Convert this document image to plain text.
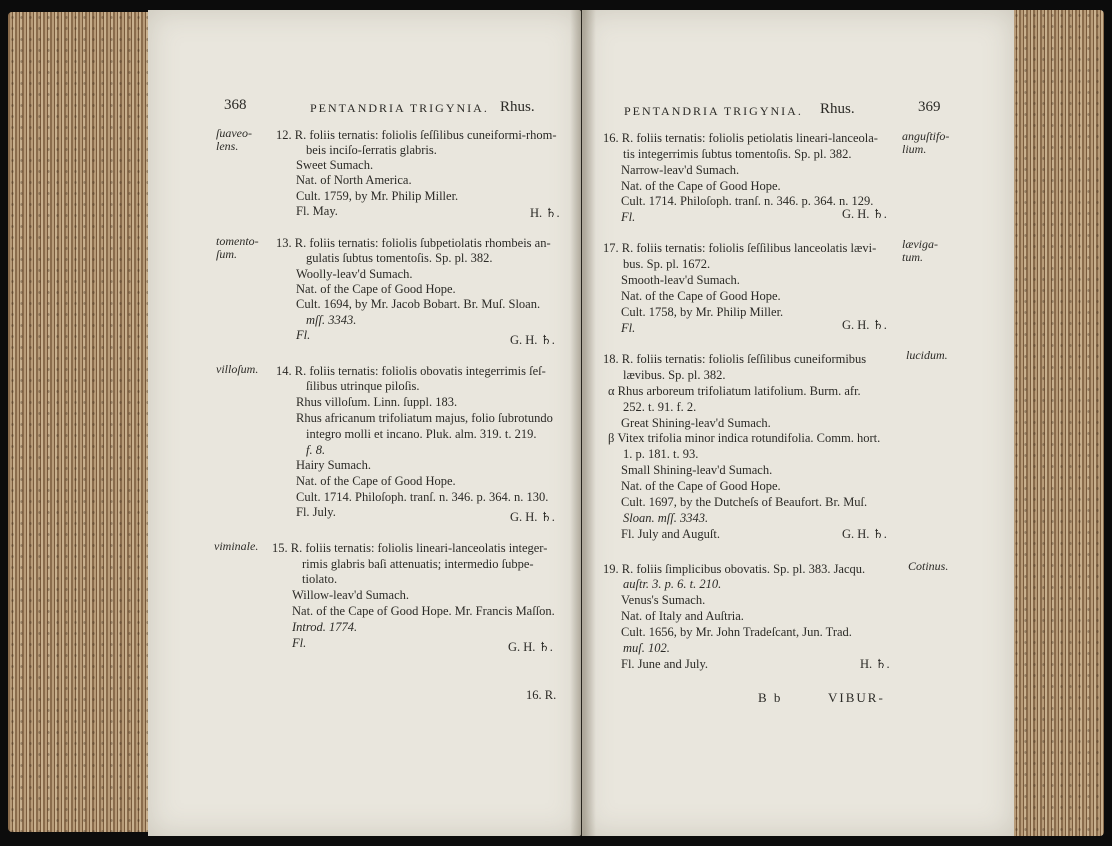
368	PENTANDRIA TRIGYNIA. Rhus.
ſuaveo-
lens.
12. R. foliis ternatis: foliolis ſeſſilibus cuneiformi-rhom-
beis inciſo-ſerratis glabris.
Sweet Sumach.
Nat. of North America.
Cult. 1759, by Mr. Philip Miller.
Fl. May.	H. ♄.
tomento-
ſum.
13. R. foliis ternatis: foliolis ſubpetiolatis rhombeis an-
gulatis ſubtus tomentoſis. Sp. pl. 382.
Woolly-leav'd Sumach.
Nat. of the Cape of Good Hope.
Cult. 1694, by Mr. Jacob Bobart. Br. Muſ. Sloan.
mſſ. 3343.
Fl.	G. H. ♄.
villoſum.	14. R. foliis ternatis: foliolis obovatis integerrimis ſeſ-
ſilibus utrinque piloſis.
Rhus villoſum. Linn. ſuppl. 183.
Rhus africanum trifoliatum majus, folio ſubrotundo
integro molli et incano. Pluk. alm. 319. t. 219.
f. 8.
Hairy Sumach.
Nat. of the Cape of Good Hope.
Cult. 1714. Philoſoph. tranſ. n. 346. p. 364. n. 130.
Fl. July.	G. H. ♄.
viminale.	15. R. foliis ternatis: foliolis lineari-lanceolatis integer-
rimis glabris baſi attenuatis; intermedio ſubpe-
tiolato.
Willow-leav'd Sumach.
Nat. of the Cape of Good Hope. Mr. Francis Maſſon.
Introd. 1774.
Fl.	G. H. ♄.
16. R.
PENTANDRIA TRIGYNIA. Rhus.	369
16. R. foliis ternatis: foliolis petiolatis lineari-lanceola-
tis integerrimis ſubtus tomentoſis. Sp. pl. 382.
Narrow-leav'd Sumach.
Nat. of the Cape of Good Hope.
Cult. 1714. Philoſoph. tranſ. n. 346. p. 364. n. 129.
Fl.	G. H. ♄.
anguſtifo-
lium.
17. R. foliis ternatis: foliolis ſeſſilibus lanceolatis lævi-
bus. Sp. pl. 1672.
Smooth-leav'd Sumach.
Nat. of the Cape of Good Hope.
Cult. 1758, by Mr. Philip Miller.
Fl.	G. H. ♄.
lævigа-
tum.
18. R. foliis ternatis: foliolis ſeſſilibus cuneiformibus
lævibus. Sp. pl. 382.
α Rhus arboreum trifoliatum latifolium. Burm. afr.
252. t. 91. f. 2.
Great Shining-leav'd Sumach.
β Vitex trifolia minor indica rotundifolia. Comm. hort.
1. p. 181. t. 93.
Small Shining-leav'd Sumach.
Nat. of the Cape of Good Hope.
Cult. 1697, by the Dutcheſs of Beaufort. Br. Muſ.
Sloan. mſſ. 3343.
Fl. July and Auguſt.	G. H. ♄.
lucidum.
19. R. foliis ſimplicibus obovatis. Sp. pl. 383. Jacqu.
auſtr. 3. p. 6. t. 210.
Venus's Sumach.
Nat. of Italy and Auſtria.
Cult. 1656, by Mr. John Tradeſcant, Jun. Trad.
muſ. 102.
Fl. June and July.	H. ♄.
Cotinus.
B b	VIBUR-
